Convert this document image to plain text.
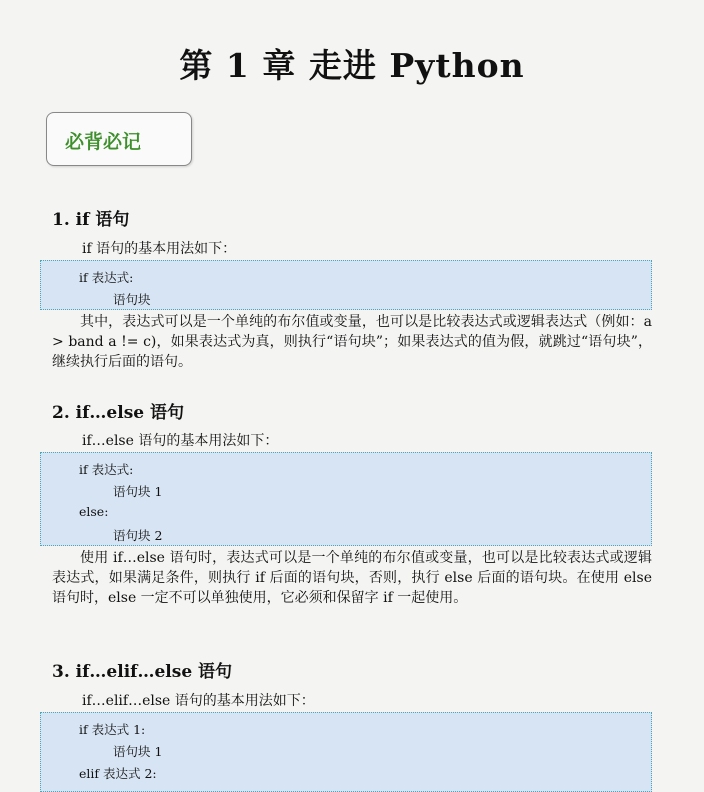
第 1 章 走进 Python
必背必记
1. if 语句
if 语句的基本用法如下：
if 表达式:
语句块

其中，表达式可以是一个单纯的布尔值或变量，也可以是比较表达式或逻辑表达式（例如：a > band a != c)，如果表达式为真，则执行“语句块”；如果表达式的值为假，就跳过“语句块”，继续执行后面的语句。

2. if…else 语句
if…else 语句的基本用法如下：
if 表达式:
语句块 1
else:
语句块 2

使用 if…else 语句时，表达式可以是一个单纯的布尔值或变量，也可以是比较表达式或逻辑表达式，如果满足条件，则执行 if 后面的语句块，否则，执行 else 后面的语句块。在使用 else 语句时，else 一定不可以单独使用，它必须和保留字 if 一起使用。

3. if…elif…else 语句
if…elif…else 语句的基本用法如下：
if 表达式 1:
语句块 1
elif 表达式 2:
